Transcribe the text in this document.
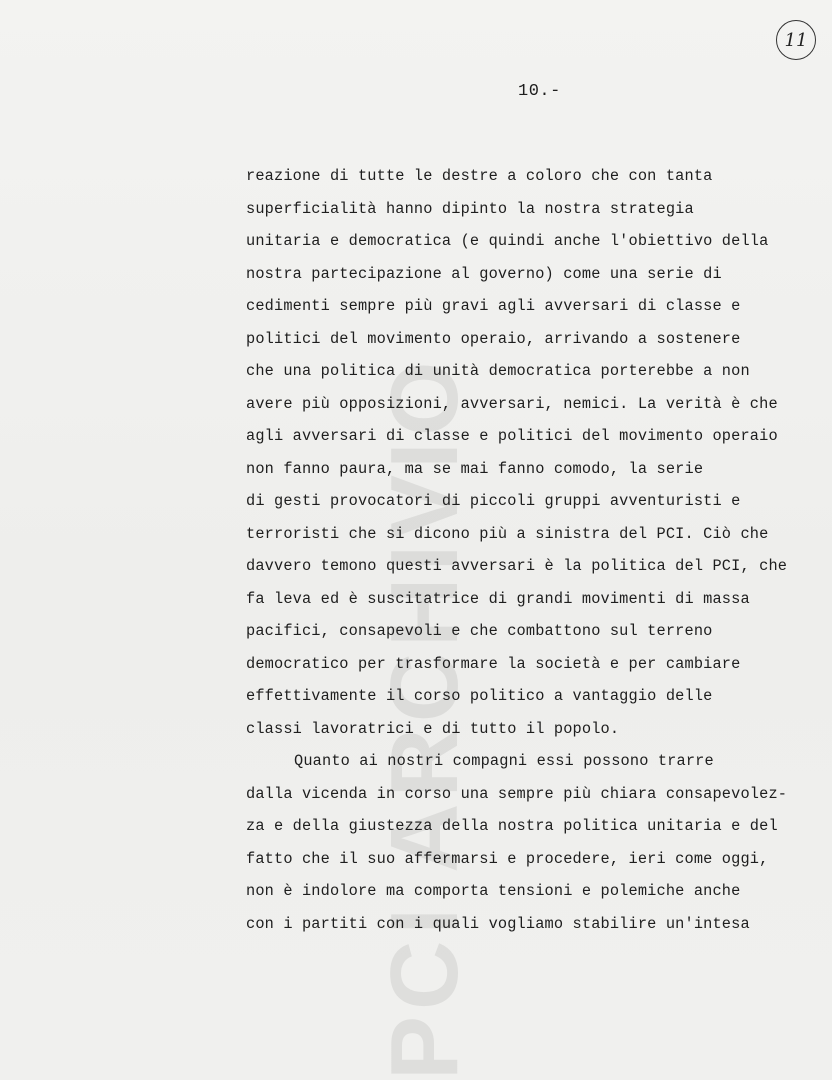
PCI ARCHIVIO
11
10.-
reazione di tutte le destre a coloro che con tanta
superficialità hanno dipinto la nostra strategia
unitaria e democratica (e quindi anche l'obiettivo della
nostra partecipazione al governo) come una serie di
cedimenti sempre più gravi agli avversari di classe e
politici del movimento operaio, arrivando a sostenere
che una politica di unità democratica porterebbe a non
avere più opposizioni, avversari, nemici. La verità è che
agli avversari di classe e politici del movimento operaio
non fanno paura, ma se mai fanno comodo, la serie
di gesti provocatori di piccoli gruppi avventuristi e
terroristi che si dicono più a sinistra del PCI. Ciò che
davvero temono questi avversari è la politica del PCI, che
fa leva ed è suscitatrice di grandi movimenti di massa
pacifici, consapevoli e che combattono sul terreno
democratico per trasformare la società e per cambiare
effettivamente il corso politico a vantaggio delle
classi lavoratrici e di tutto il popolo.
Quanto ai nostri compagni essi possono trarre
dalla vicenda in corso una sempre più chiara consapevolez-
za e della giustezza della nostra politica unitaria e del
fatto che il suo affermarsi e procedere, ieri come oggi,
non è indolore ma comporta tensioni e polemiche anche
con i partiti con i quali vogliamo stabilire un'intesa
